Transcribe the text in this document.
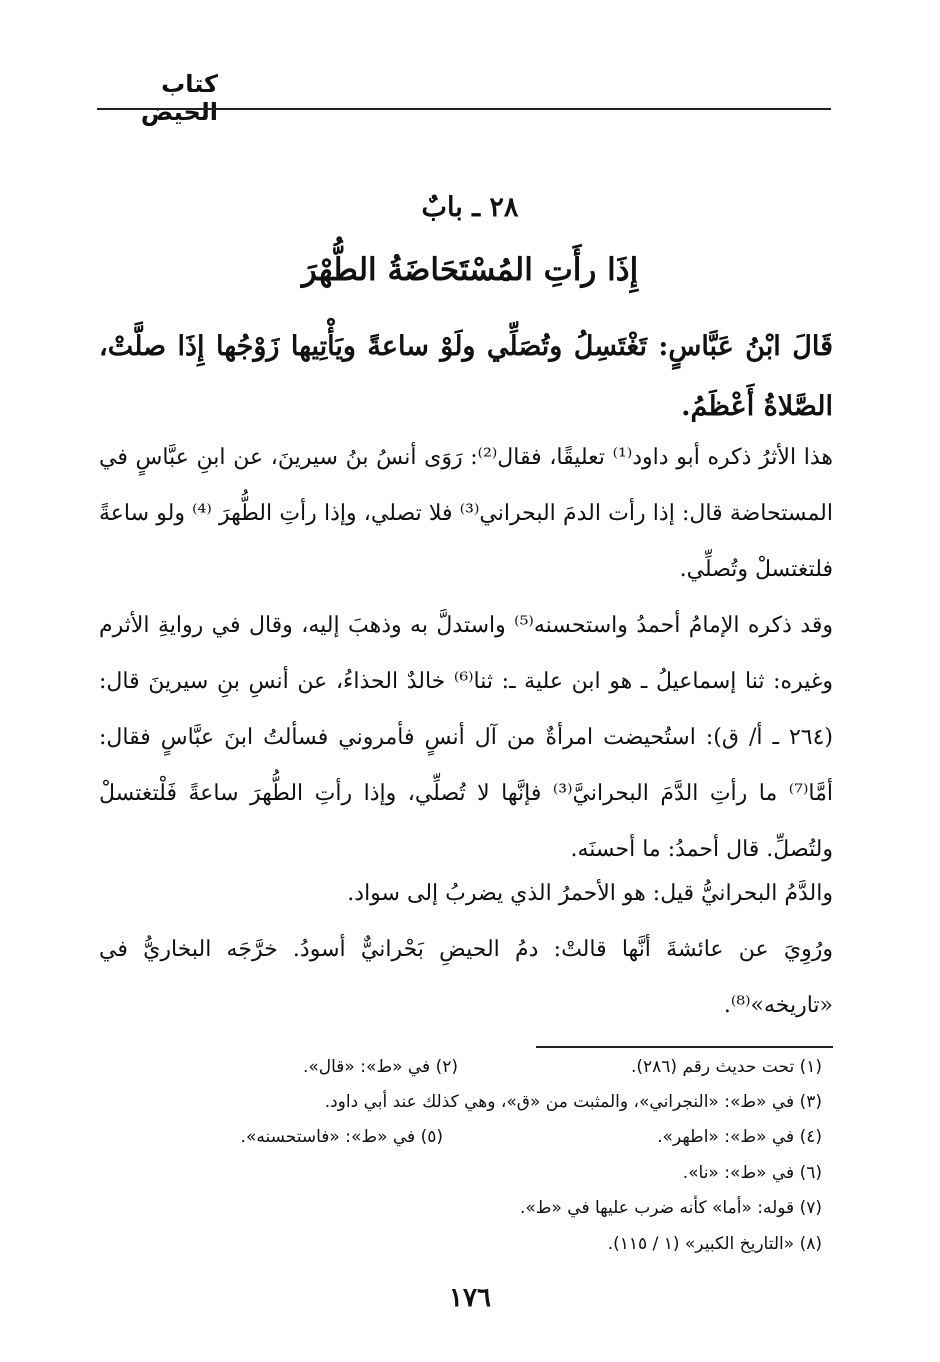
كتاب الحيض
٢٨ ـ بابٌ
إِذَا رأَتِ المُسْتَحَاضَةُ الطُّهْرَ
قَالَ ابْنُ عَبَّاسٍ: تَغْتَسِلُ وتُصَلِّي ولَوْ ساعةً ويَأْتِيها زَوْجُها إِذَا صلَّتْ، الصَّلاةُ أَعْظَمُ.
هذا الأثرُ ذكره أبو داود⁽¹⁾ تعليقًا، فقال⁽²⁾: رَوَى أنسُ بنُ سيرينَ، عن ابنِ عبَّاسٍ في المستحاضة قال: إذا رأت الدمَ البحراني⁽³⁾ فلا تصلي، وإذا رأتِ الطُّهرَ ⁽⁴⁾ ولو ساعةً فلتغتسلْ وتُصلِّي.
وقد ذكره الإمامُ أحمدُ واستحسنه⁽⁵⁾ واستدلَّ به وذهبَ إليه، وقال في روايةِ الأثرم وغيره: ثنا إسماعيلُ ـ هو ابن علية ـ: ثنا⁽⁶⁾ خالدٌ الحذاءُ، عن أنسِ بنِ سيرينَ قال: (٢٦٤ ـ أ/ ق): استُحيضت امرأةٌ من آل أنسٍ فأمروني فسألتُ ابنَ عبَّاسٍ فقال: أمَّا⁽⁷⁾ ما رأتِ الدَّمَ البحرانيَّ⁽³⁾ فإنَّها لا تُصلِّي، وإذا رأتِ الطُّهرَ ساعةً فَلْتغتسلْ ولتُصلِّ. قال أحمدُ: ما أحسنَه.
والدَّمُ البحرانيُّ قيل: هو الأحمرُ الذي يضربُ إلى سواد.
ورُوِيَ عن عائشةَ أنَّها قالتْ: دمُ الحيضِ بَحْرانيٌّ أسودُ. خرَّجَه البخاريُّ في «تاريخه»⁽⁸⁾.
(١) تحت حديث رقم (٢٨٦).
(٢) في «ط»: «قال».
(٣) في «ط»: «النجراني»، والمثبت من «ق»، وهي كذلك عند أبي داود.
(٤) في «ط»: «اطهر».
(٥) في «ط»: «فاستحسنه».
(٦) في «ط»: «نا».
(٧) قوله: «أما» كأنه ضرب عليها في «ط».
(٨) «التاريخ الكبير» (١ / ١١٥).
١٧٦
